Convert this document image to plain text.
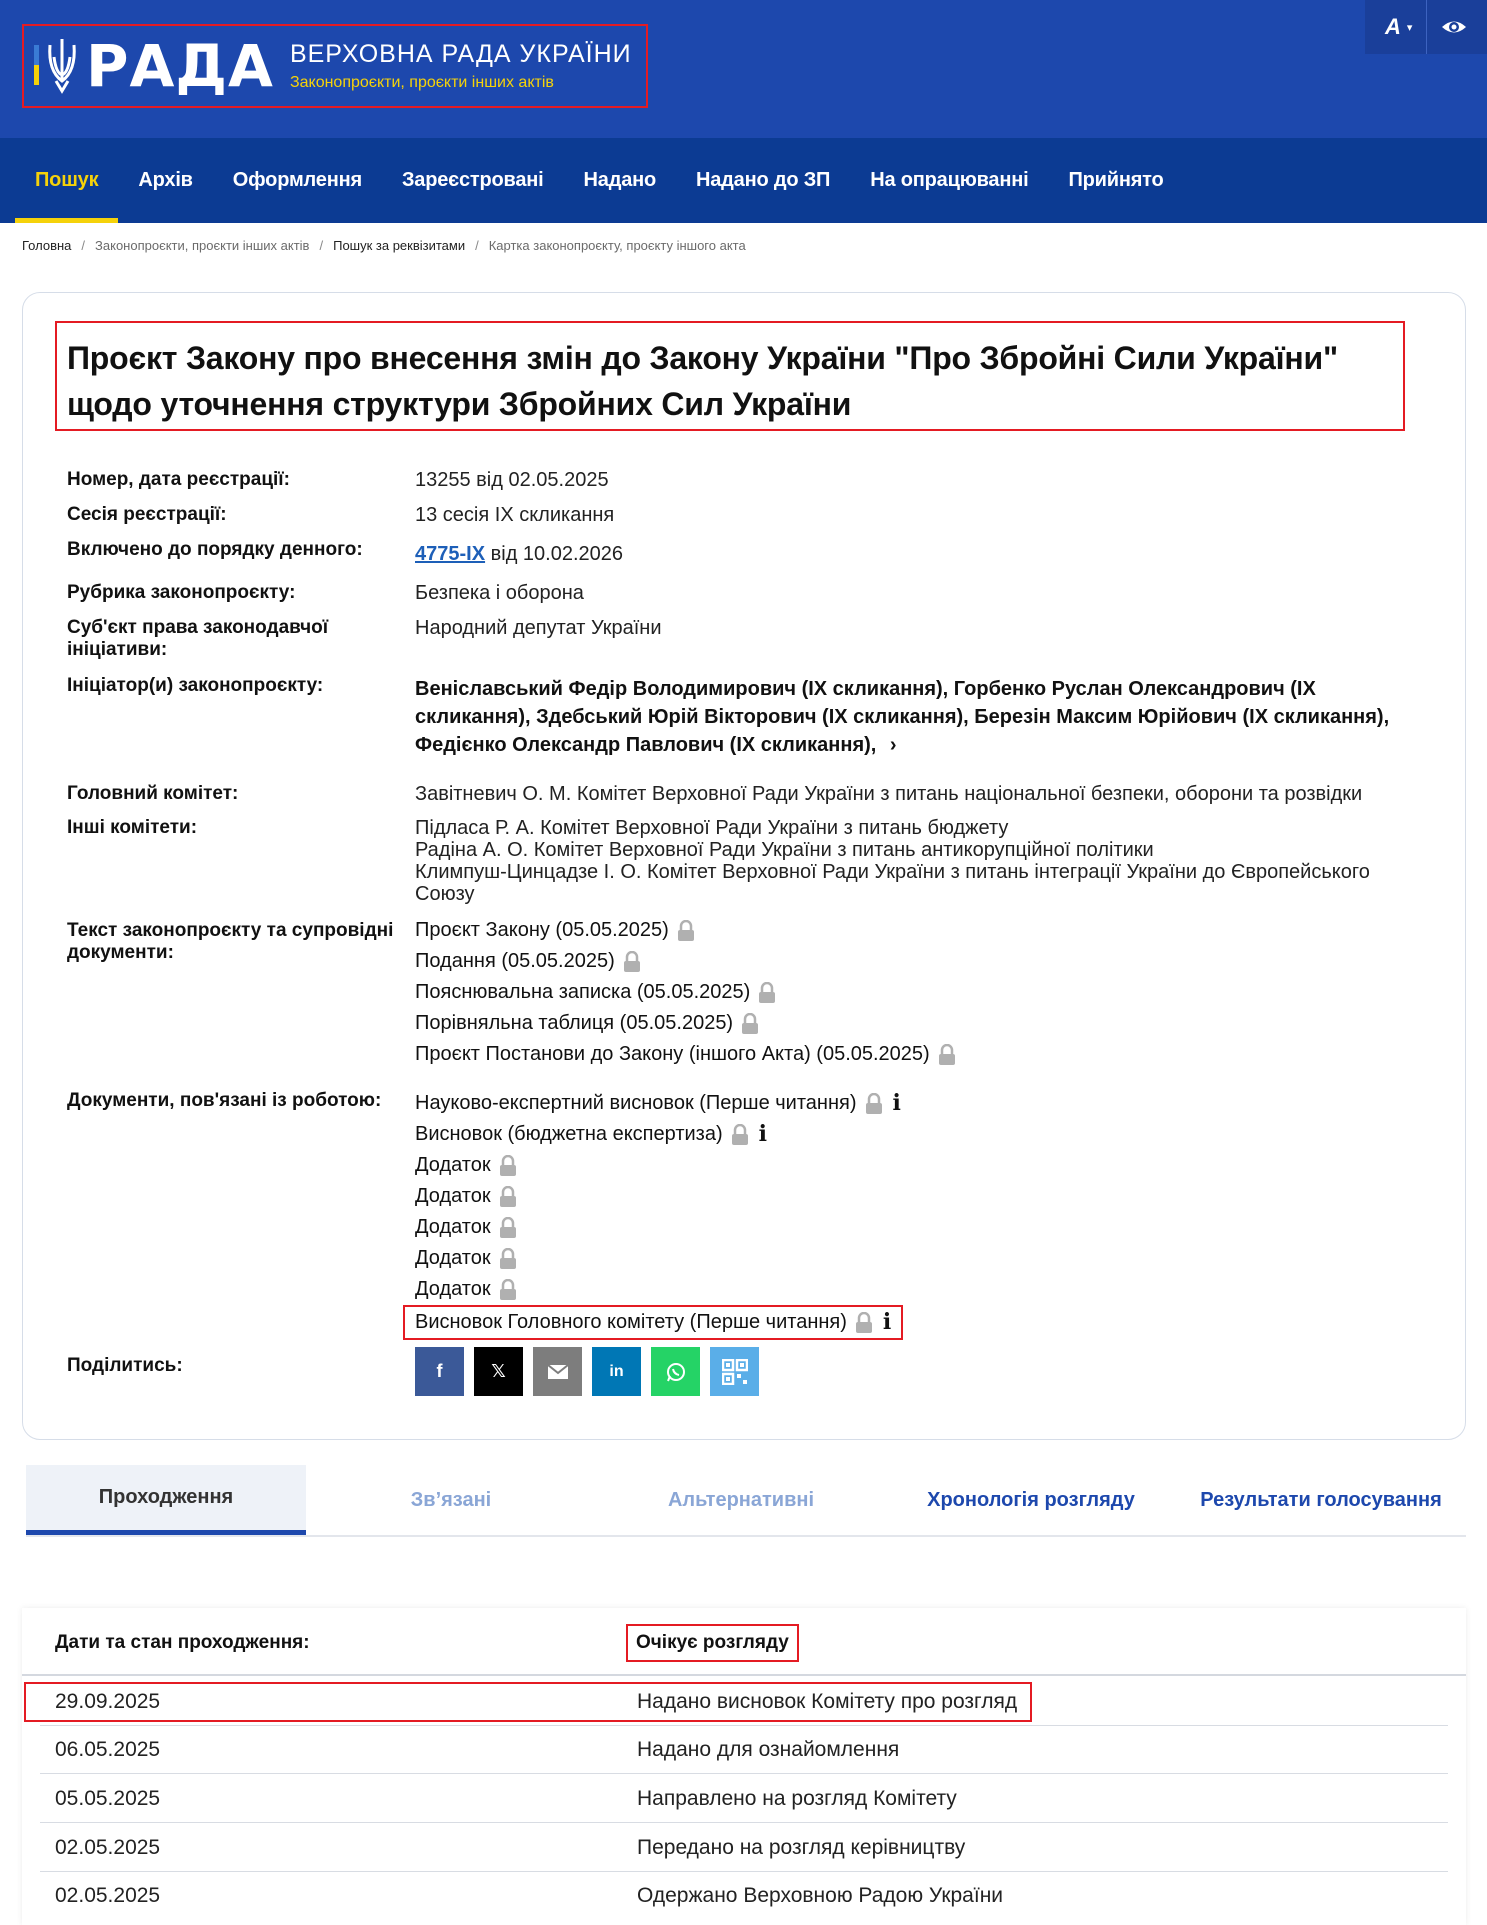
РАДА ВЕРХОВНА РАДА УКРАЇНИ
Законопроєкти, проєкти інших актів
A ▾
Пошук	Архів	Оформлення	Зареєстровані	Надано	Надано до ЗП	На опрацюванні	Прийнято
Головна / Законопроєкти, проєкти інших актів / Пошук за реквізитами / Картка законопроєкту, проєкту іншого акта
Проєкт Закону про внесення змін до Закону України "Про Збройні Сили України" щодо уточнення структури Збройних Сил України
Номер, дата реєстрації:	13255 від 02.05.2025
Сесія реєстрації:	13 сесія IX скликання
Включено до порядку денного:	4775-IX від 10.02.2026
Рубрика законопроєкту:	Безпека і оборона
Суб'єкт права законодавчої ініціативи:
Народний депутат України
Ініціатор(и) законопроєкту:	Веніславський Федір Володимирович (IX скликання), Горбенко Руслан Олександрович (IX скликання), Здебський Юрій Вікторович (IX скликання), Березін Максим Юрійович (IX скликання), Федієнко Олександр Павлович (IX скликання), ›
Головний комітет:	Завітневич О. М. Комітет Верховної Ради України з питань національної безпеки, оборони та розвідки
Інші комітети:	Підласа Р. А. Комітет Верховної Ради України з питань бюджету
Радіна А. О. Комітет Верховної Ради України з питань антикорупційної політики
Климпуш-Цинцадзе І. О. Комітет Верховної Ради України з питань інтеграції України до Європейського Союзу
Текст законопроєкту та супровідні документи:
Проєкт Закону (05.05.2025)
Подання (05.05.2025)
Пояснювальна записка (05.05.2025)
Порівняльна таблиця (05.05.2025)
Проєкт Постанови до Закону (іншого Акта) (05.05.2025)
Документи, пов'язані із роботою:	Науково-експертний висновок (Перше читання) i
Висновок (бюджетна експертиза) i
Додаток
Додаток
Додаток
Додаток
Додаток
Висновок Головного комітету (Перше читання) i
Поділитись:	f	𝕏	in
Проходження	Зв’язані	Альтернативні	Хронологія розгляду	Результати голосування
Дати та стан проходження:	Очікує розгляду
29.09.2025	Надано висновок Комітету про розгляд
06.05.2025	Надано для ознайомлення
05.05.2025	Направлено на розгляд Комітету
02.05.2025	Передано на розгляд керівництву
02.05.2025	Одержано Верховною Радою України
